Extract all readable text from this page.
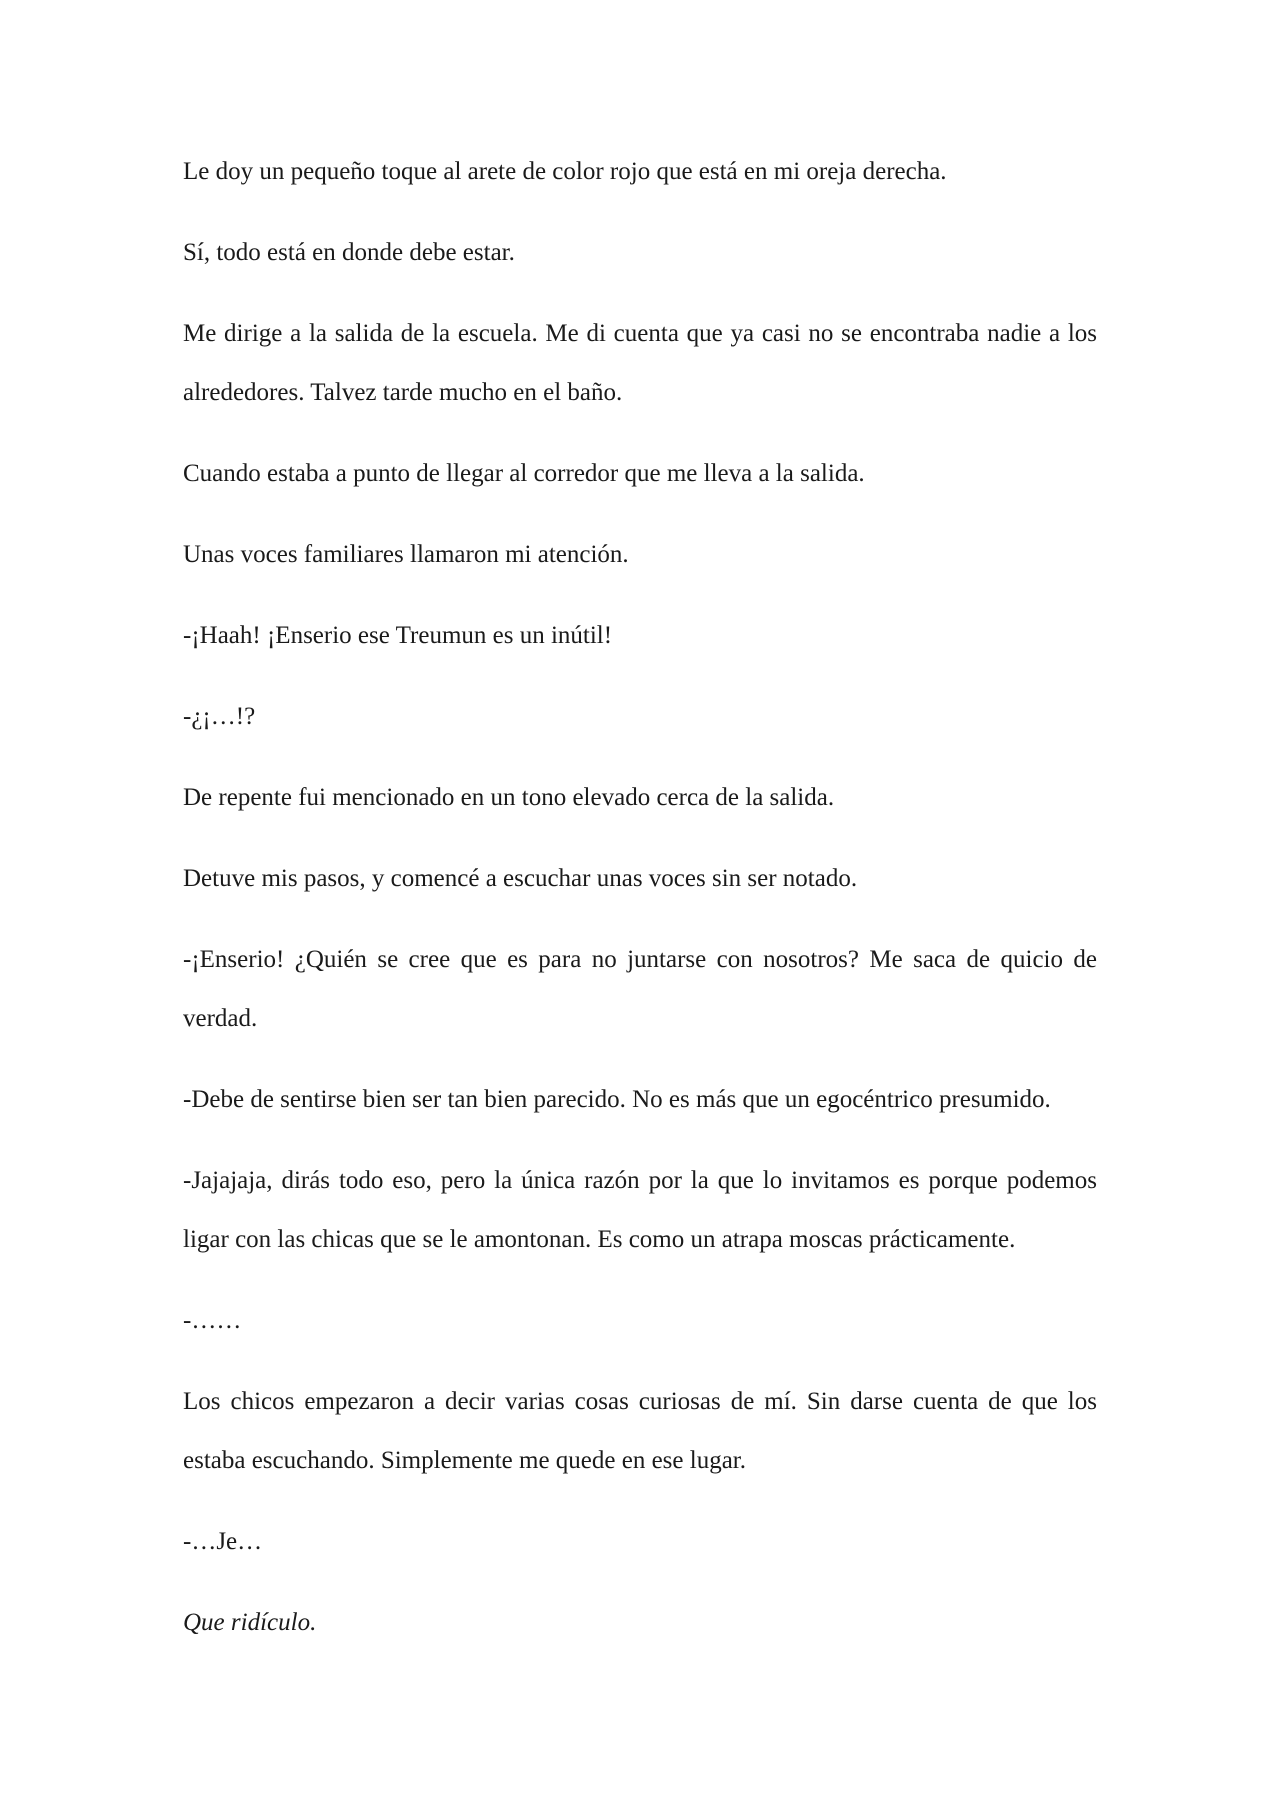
Le doy un pequeño toque al arete de color rojo que está en mi oreja derecha.

Sí, todo está en donde debe estar.

Me dirige a la salida de la escuela. Me di cuenta que ya casi no se encontraba nadie a los alrededores. Talvez tarde mucho en el baño.

Cuando estaba a punto de llegar al corredor que me lleva a la salida.

Unas voces familiares llamaron mi atención.

-¡Haah! ¡Enserio ese Treumun es un inútil!

-¿¡…!?

De repente fui mencionado en un tono elevado cerca de la salida.

Detuve mis pasos, y comencé a escuchar unas voces sin ser notado.

-¡Enserio! ¿Quién se cree que es para no juntarse con nosotros? Me saca de quicio de verdad.

-Debe de sentirse bien ser tan bien parecido. No es más que un egocéntrico presumido.

-Jajajaja, dirás todo eso, pero la única razón por la que lo invitamos es porque podemos ligar con las chicas que se le amontonan. Es como un atrapa moscas prácticamente.

-……

Los chicos empezaron a decir varias cosas curiosas de mí. Sin darse cuenta de que los estaba escuchando. Simplemente me quede en ese lugar.

-…Je…

Que ridículo.
